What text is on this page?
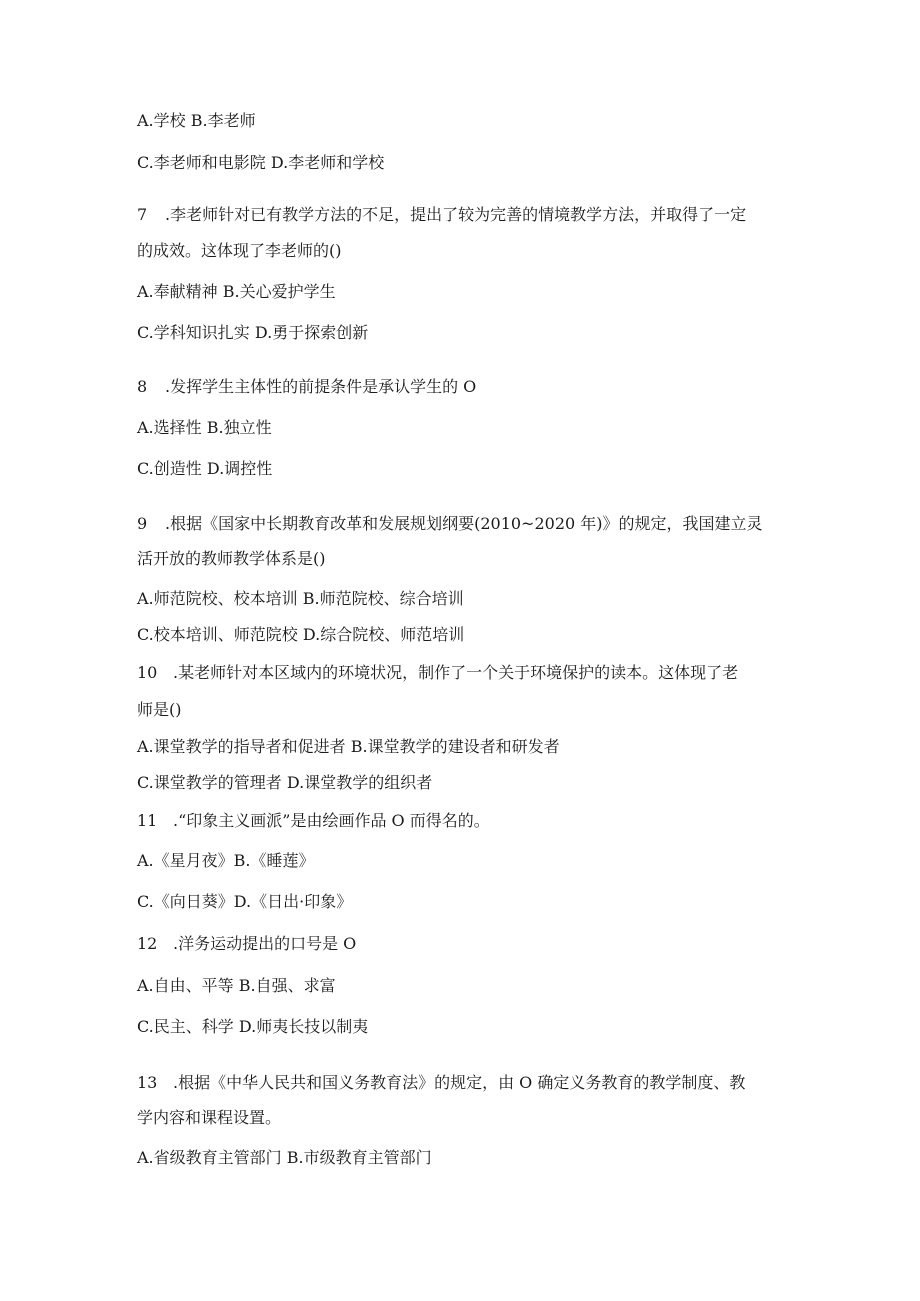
A.学校 B.李老师
C.李老师和电影院 D.李老师和学校
7 .李老师针对已有教学方法的不足，提出了较为完善的情境教学方法，并取得了一定
的成效。这体现了李老师的()
A.奉献精神 B.关心爱护学生
C.学科知识扎实 D.勇于探索创新
8 .发挥学生主体性的前提条件是承认学生的 O
A.选择性 B.独立性
C.创造性 D.调控性
9 .根据《国家中长期教育改革和发展规划纲要(2010~2020 年)》的规定，我国建立灵
活开放的教师教学体系是()
A.师范院校、校本培训 B.师范院校、综合培训
C.校本培训、师范院校 D.综合院校、师范培训
10 .某老师针对本区域内的环境状况，制作了一个关于环境保护的读本。这体现了老
师是()
A.课堂教学的指导者和促进者 B.课堂教学的建设者和研发者
C.课堂教学的管理者 D.课堂教学的组织者
11 .“印象主义画派”是由绘画作品 O 而得名的。
A.《星月夜》B.《睡莲》
C.《向日葵》D.《日出·印象》
12 .洋务运动提出的口号是 O
A.自由、平等 B.自强、求富
C.民主、科学 D.师夷长技以制夷
13 .根据《中华人民共和国义务教育法》的规定，由 O 确定义务教育的教学制度、教
学内容和课程设置。
A.省级教育主管部门 B.市级教育主管部门
